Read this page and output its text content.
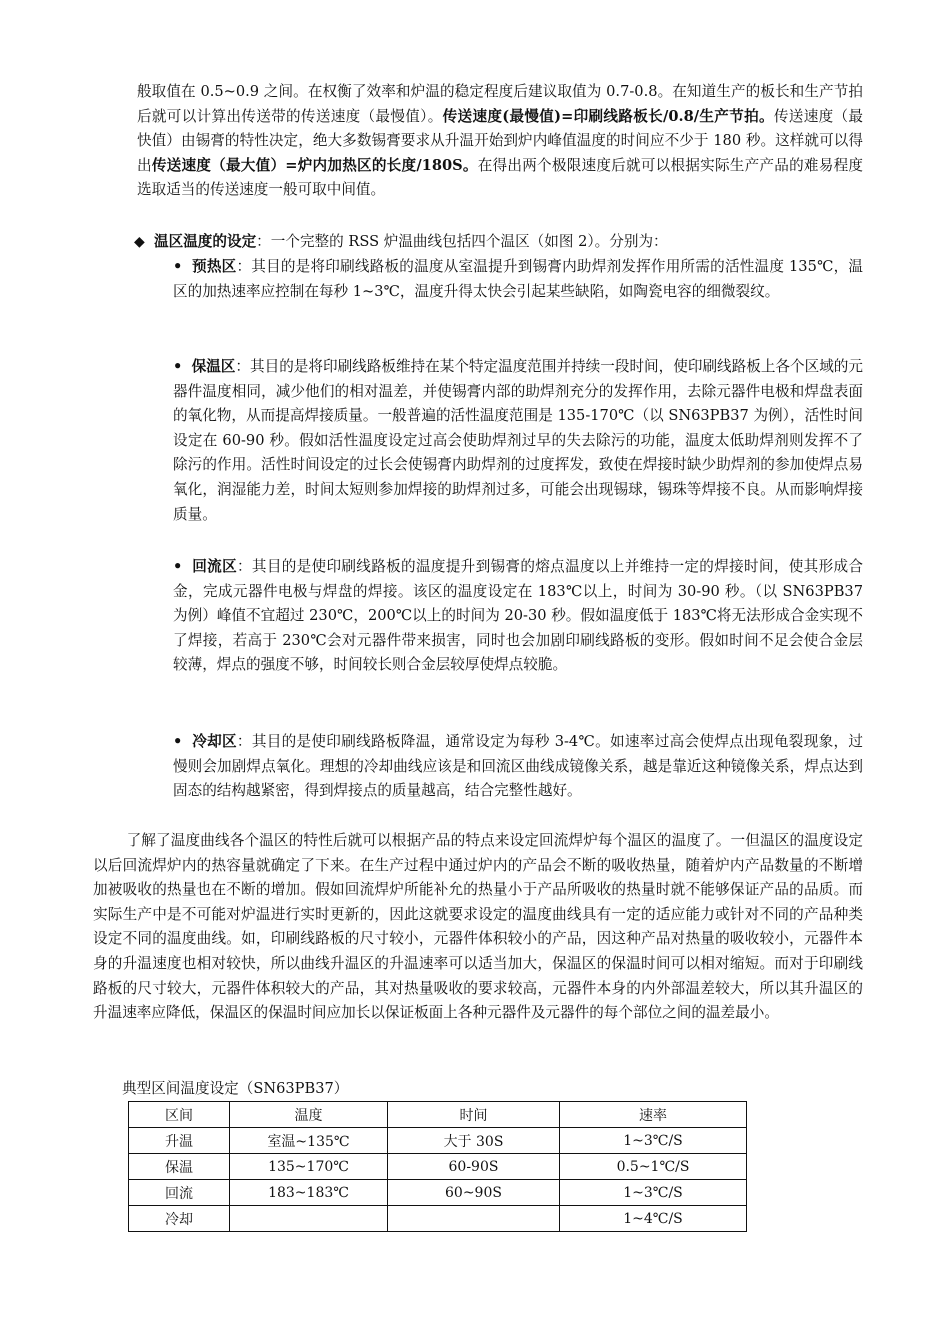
般取值在 0.5~0.9 之间。在权衡了效率和炉温的稳定程度后建议取值为 0.7-0.8。在知道生产的板长和生产节拍后就可以计算出传送带的传送速度（最慢值）。传送速度(最慢值)=印刷线路板长/0.8/生产节拍。传送速度（最快值）由锡膏的特性决定，绝大多数锡膏要求从升温开始到炉内峰值温度的时间应不少于 180 秒。这样就可以得出传送速度（最大值）=炉内加热区的长度/180S。在得出两个极限速度后就可以根据实际生产产品的难易程度选取适当的传送速度一般可取中间值。
◆ 温区温度的设定：一个完整的 RSS 炉温曲线包括四个温区（如图 2）。分别为：
• 预热区：其目的是将印刷线路板的温度从室温提升到锡膏内助焊剂发挥作用所需的活性温度 135℃，温区的加热速率应控制在每秒 1~3℃，温度升得太快会引起某些缺陷，如陶瓷电容的细微裂纹。
• 保温区：其目的是将印刷线路板维持在某个特定温度范围并持续一段时间，使印刷线路板上各个区域的元器件温度相同，减少他们的相对温差，并使锡膏内部的助焊剂充分的发挥作用，去除元器件电极和焊盘表面的氧化物，从而提高焊接质量。一般普遍的活性温度范围是 135-170℃（以 SN63PB37 为例），活性时间设定在 60-90 秒。假如活性温度设定过高会使助焊剂过早的失去除污的功能，温度太低助焊剂则发挥不了除污的作用。活性时间设定的过长会使锡膏内助焊剂的过度挥发，致使在焊接时缺少助焊剂的参加使焊点易氧化，润湿能力差，时间太短则参加焊接的助焊剂过多，可能会出现锡球，锡珠等焊接不良。从而影响焊接质量。
• 回流区：其目的是使印刷线路板的温度提升到锡膏的熔点温度以上并维持一定的焊接时间，使其形成合金，完成元器件电极与焊盘的焊接。该区的温度设定在 183℃以上，时间为 30-90 秒。（以 SN63PB37 为例）峰值不宜超过 230℃，200℃以上的时间为 20-30 秒。假如温度低于 183℃将无法形成合金实现不了焊接，若高于 230℃会对元器件带来损害，同时也会加剧印刷线路板的变形。假如时间不足会使合金层较薄，焊点的强度不够，时间较长则合金层较厚使焊点较脆。
• 冷却区：其目的是使印刷线路板降温，通常设定为每秒 3-4℃。如速率过高会使焊点出现龟裂现象，过慢则会加剧焊点氧化。理想的冷却曲线应该是和回流区曲线成镜像关系，越是靠近这种镜像关系，焊点达到固态的结构越紧密，得到焊接点的质量越高，结合完整性越好。
了解了温度曲线各个温区的特性后就可以根据产品的特点来设定回流焊炉每个温区的温度了。一但温区的温度设定以后回流焊炉内的热容量就确定了下来。在生产过程中通过炉内的产品会不断的吸收热量，随着炉内产品数量的不断增加被吸收的热量也在不断的增加。假如回流焊炉所能补允的热量小于产品所吸收的热量时就不能够保证产品的品质。而实际生产中是不可能对炉温进行实时更新的，因此这就要求设定的温度曲线具有一定的适应能力或针对不同的产品种类设定不同的温度曲线。如，印刷线路板的尺寸较小，元器件体积较小的产品，因这种产品对热量的吸收较小，元器件本身的升温速度也相对较快，所以曲线升温区的升温速率可以适当加大，保温区的保温时间可以相对缩短。而对于印刷线路板的尺寸较大，元器件体积较大的产品，其对热量吸收的要求较高，元器件本身的内外部温差较大，所以其升温区的升温速率应降低，保温区的保温时间应加长以保证板面上各种元器件及元器件的每个部位之间的温差最小。
典型区间温度设定（SN63PB37）
区间	温度	时间	速率
升温	室温~135℃	大于 30S	1~3℃/S
保温	135~170℃	60-90S	0.5~1℃/S
回流	183~183℃	60~90S	1~3℃/S
冷却			1~4℃/S
